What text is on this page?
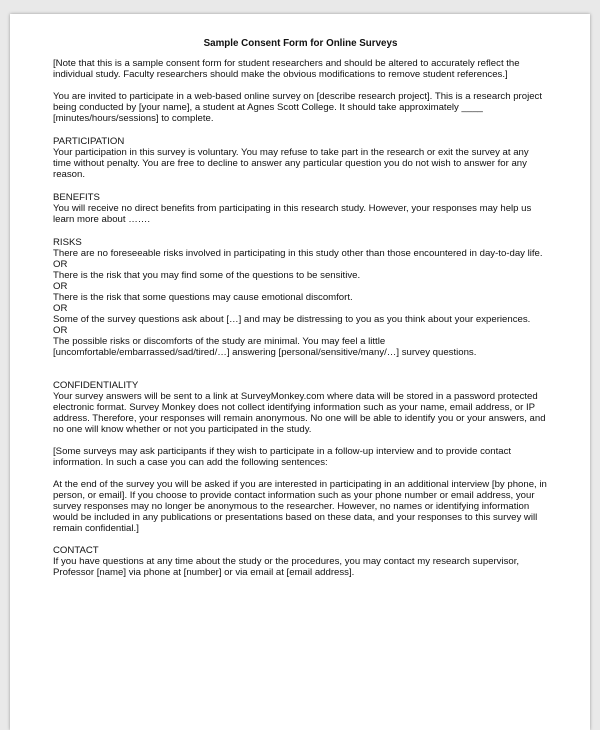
Sample Consent Form for Online Surveys

[Note that this is a sample consent form for student researchers and should be altered to accurately reflect the individual study. Faculty researchers should make the obvious modifications to remove student references.]

You are invited to participate in a web-based online survey on [describe research project]. This is a research project being conducted by [your name], a student at Agnes Scott College. It should take approximately ____ [minutes/hours/sessions] to complete.

PARTICIPATION

Your participation in this survey is voluntary. You may refuse to take part in the research or exit the survey at any time without penalty. You are free to decline to answer any particular question you do not wish to answer for any reason.

BENEFITS

You will receive no direct benefits from participating in this research study. However, your responses may help us learn more about …….

RISKS

There are no foreseeable risks involved in participating in this study other than those encountered in day-to-day life.

OR

There is the risk that you may find some of the questions to be sensitive.

OR

There is the risk that some questions may cause emotional discomfort.

OR

Some of the survey questions ask about […] and may be distressing to you as you think about your experiences.

OR

The possible risks or discomforts of the study are minimal. You may feel a little [uncomfortable/embarrassed/sad/tired/…] answering [personal/sensitive/many/…] survey questions.

CONFIDENTIALITY

Your survey answers will be sent to a link at SurveyMonkey.com where data will be stored in a password protected electronic format. Survey Monkey does not collect identifying information such as your name, email address, or IP address. Therefore, your responses will remain anonymous. No one will be able to identify you or your answers, and no one will know whether or not you participated in the study.

[Some surveys may ask participants if they wish to participate in a follow-up interview and to provide contact information. In such a case you can add the following sentences:

At the end of the survey you will be asked if you are interested in participating in an additional interview [by phone, in person, or email]. If you choose to provide contact information such as your phone number or email address, your survey responses may no longer be anonymous to the researcher. However, no names or identifying information would be included in any publications or presentations based on these data, and your responses to this survey will remain confidential.]

CONTACT

If you have questions at any time about the study or the procedures, you may contact my research supervisor, Professor [name] via phone at [number] or via email at [email address].
